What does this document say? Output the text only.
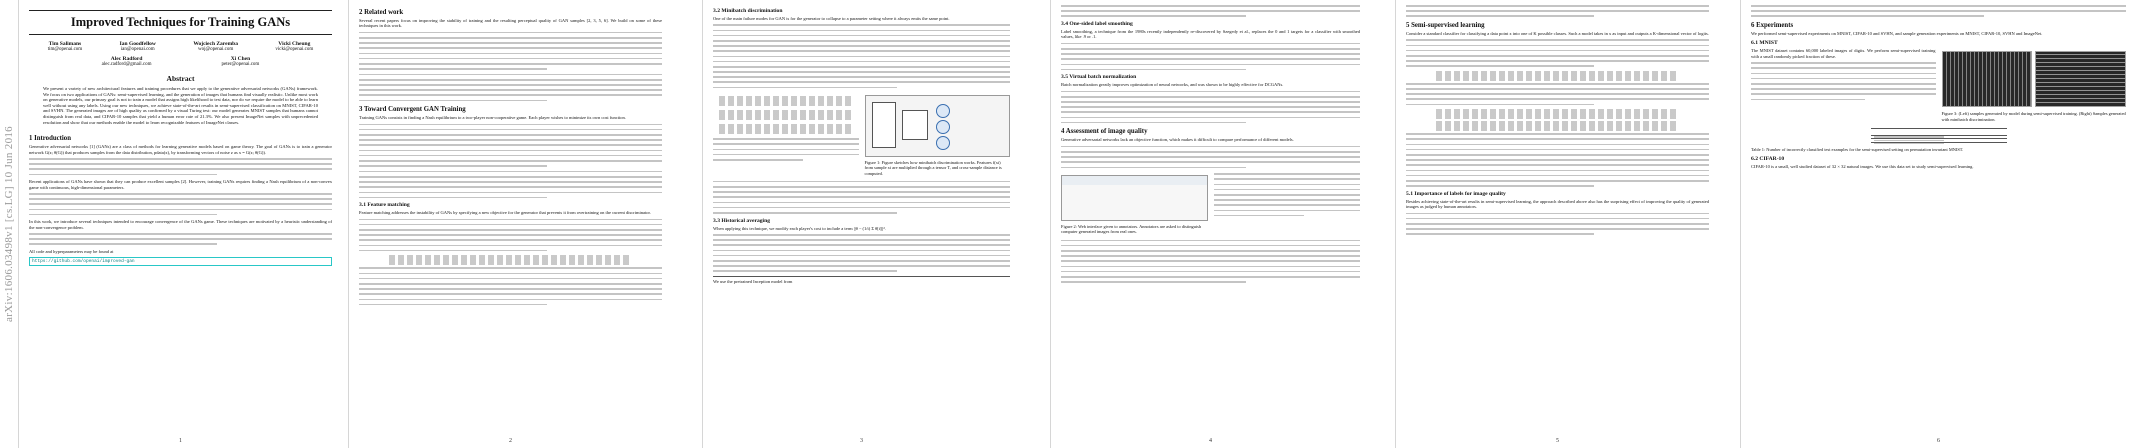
arXiv:1606.03498v1 [cs.LG] 10 Jun 2016
Improved Techniques for Training GANs
Tim Salimans
tim@openai.com
Ian Goodfellow
ian@openai.com
Wojciech Zaremba
woj@openai.com
Vicki Cheung
vicki@openai.com
Alec Radford
alec.radford@gmail.com
Xi Chen
peter@openai.com
Abstract
We present a variety of new architectural features and training procedures that we apply to the generative adversarial networks (GANs) framework. We focus on two applications of GANs: semi-supervised learning, and the generation of images that humans find visually realistic. Unlike most work on generative models, our primary goal is not to train a model that assigns high likelihood to test data, nor do we require the model to be able to learn well without using any labels. Using our new techniques, we achieve state-of-the-art results in semi-supervised classification on MNIST, CIFAR-10 and SVHN. The generated images are of high quality as confirmed by a visual Turing test: our model generates MNIST samples that humans cannot distinguish from real data, and CIFAR-10 samples that yield a human error rate of 21.3%. We also present ImageNet samples with unprecedented resolution and show that our methods enable the model to learn recognizable features of ImageNet classes.
1 Introduction
Generative adversarial networks [1] (GANs) are a class of methods for learning generative models based on game theory. The goal of GANs is to train a generator network G(z; θ(G)) that produces samples from the data distribution, pdata(x), by transforming vectors of noise z as x = G(z; θ(G)).
Recent applications of GANs have shown that they can produce excellent samples [2]. However, training GANs requires finding a Nash equilibrium of a non-convex game with continuous, high-dimensional parameters.
In this work, we introduce several techniques intended to encourage convergence of the GANs game. These techniques are motivated by a heuristic understanding of the non-convergence problem.
All code and hyperparameters may be found at
https://github.com/openai/improved-gan
1
2 Related work
Several recent papers focus on improving the stability of training and the resulting perceptual quality of GAN samples [2, 3, 5, 6]. We build on some of these techniques in this work.
3 Toward Convergent GAN Training
Training GANs consists in finding a Nash equilibrium to a two-player non-cooperative game. Each player wishes to minimize its own cost function.
3.1 Feature matching
Feature matching addresses the instability of GANs by specifying a new objective for the generator that prevents it from overtraining on the current discriminator.
2
3.2 Minibatch discrimination
One of the main failure modes for GAN is for the generator to collapse to a parameter setting where it always emits the same point.
Figure 1: Figure sketches how minibatch discrimination works. Features f(xi) from sample xi are multiplied through a tensor T, and cross-sample distance is computed.
3.3 Historical averaging
When applying this technique, we modify each player's cost to include a term ||θ − (1/t) Σ θ[i]||².
We use the pretrained Inception model from
3
3.4 One-sided label smoothing
Label smoothing, a technique from the 1980s recently independently re-discovered by Szegedy et al., replaces the 0 and 1 targets for a classifier with smoothed values, like .9 or .1.
3.5 Virtual batch normalization
Batch normalization greatly improves optimization of neural networks, and was shown to be highly effective for DCGANs.
4 Assessment of image quality
Generative adversarial networks lack an objective function, which makes it difficult to compare performance of different models.
Figure 2: Web interface given to annotators. Annotators are asked to distinguish computer generated images from real ones.
4
5 Semi-supervised learning
Consider a standard classifier for classifying a data point x into one of K possible classes. Such a model takes in x as input and outputs a K-dimensional vector of logits.
5.1 Importance of labels for image quality
Besides achieving state-of-the-art results in semi-supervised learning, the approach described above also has the surprising effect of improving the quality of generated images as judged by human annotators.
5
6 Experiments
We performed semi-supervised experiments on MNIST, CIFAR-10 and SVHN, and sample generation experiments on MNIST, CIFAR-10, SVHN and ImageNet.
6.1 MNIST
The MNIST dataset contains 60,000 labeled images of digits. We perform semi-supervised training with a small randomly picked fraction of these.
Figure 3: (Left) samples generated by model during semi-supervised training. (Right) Samples generated with minibatch discrimination.

Table 1: Number of incorrectly classified test examples for the semi-supervised setting on permutation invariant MNIST.
6.2 CIFAR-10
CIFAR-10 is a small, well studied dataset of 32 × 32 natural images. We use this data set to study semi-supervised learning.
6
